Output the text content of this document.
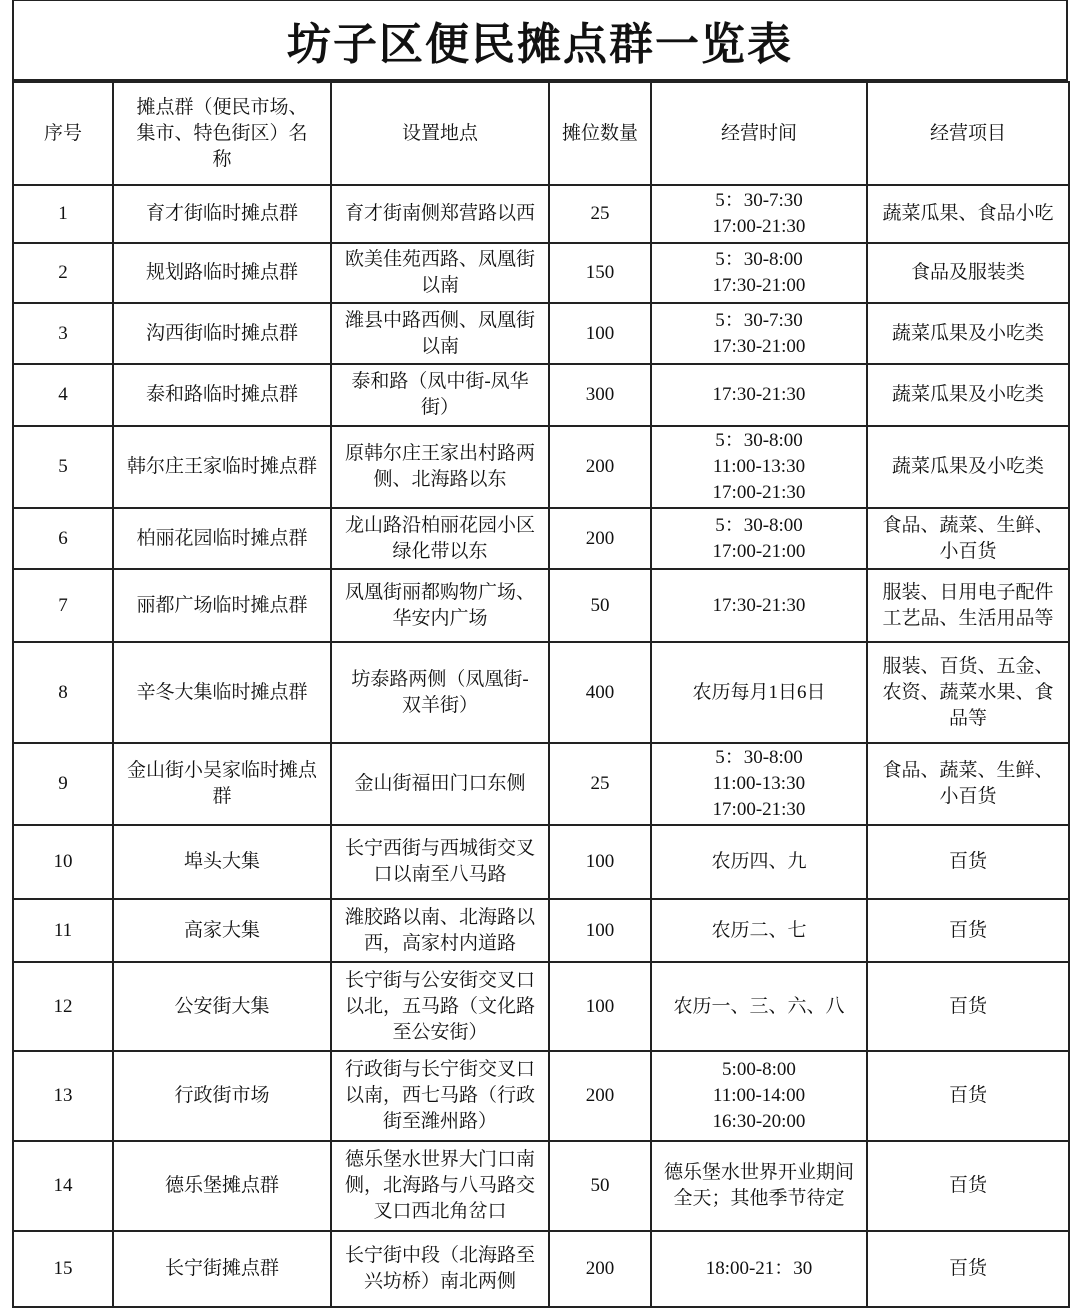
坊子区便民摊点群一览表
序号	摊点群（便民市场、
集市、特色街区）名
称	设置地点	摊位数量	经营时间	经营项目

1	育才街临时摊点群	育才街南侧郑营路以西	25	5：30-7:30
17:00-21:30	蔬菜瓜果、食品小吃

2	规划路临时摊点群	欧美佳苑西路、凤凰街
以南	150	5：30-8:00
17:30-21:00	食品及服装类

3	沟西街临时摊点群	潍县中路西侧、凤凰街
以南	100	5：30-7:30
17:30-21:00	蔬菜瓜果及小吃类

4	泰和路临时摊点群	泰和路（凤中街-凤华
街）	300	17:30-21:30	蔬菜瓜果及小吃类

5	韩尔庄王家临时摊点群	原韩尔庄王家出村路两
侧、北海路以东	200	5：30-8:00
11:00-13:30
17:00-21:30	蔬菜瓜果及小吃类

6	柏丽花园临时摊点群	龙山路沿柏丽花园小区
绿化带以东	200	5：30-8:00
17:00-21:00	食品、蔬菜、生鲜、
小百货

7	丽都广场临时摊点群	凤凰街丽都购物广场、
华安内广场	50	17:30-21:30	服装、日用电子配件
工艺品、生活用品等

8	辛冬大集临时摊点群	坊泰路两侧（凤凰街-
双羊街）	400	农历每月1日6日	服装、百货、五金、
农资、蔬菜水果、食
品等

9	金山街小吴家临时摊点
群	金山街福田门口东侧	25	5：30-8:00
11:00-13:30
17:00-21:30	食品、蔬菜、生鲜、
小百货

10	埠头大集	长宁西街与西城街交叉
口以南至八马路	100	农历四、九	百货

11	高家大集	潍胶路以南、北海路以
西，高家村内道路	100	农历二、七	百货

12	公安街大集	长宁街与公安街交叉口
以北，五马路（文化路
至公安街）	100	农历一、三、六、八	百货

13	行政街市场	行政街与长宁街交叉口
以南，西七马路（行政
街至潍州路）	200	5:00-8:00
11:00-14:00
16:30-20:00	百货

14	德乐堡摊点群	德乐堡水世界大门口南
侧，北海路与八马路交
叉口西北角岔口	50	德乐堡水世界开业期间
全天；其他季节待定	百货

15	长宁街摊点群	长宁街中段（北海路至
兴坊桥）南北两侧	200	18:00-21：30	百货
